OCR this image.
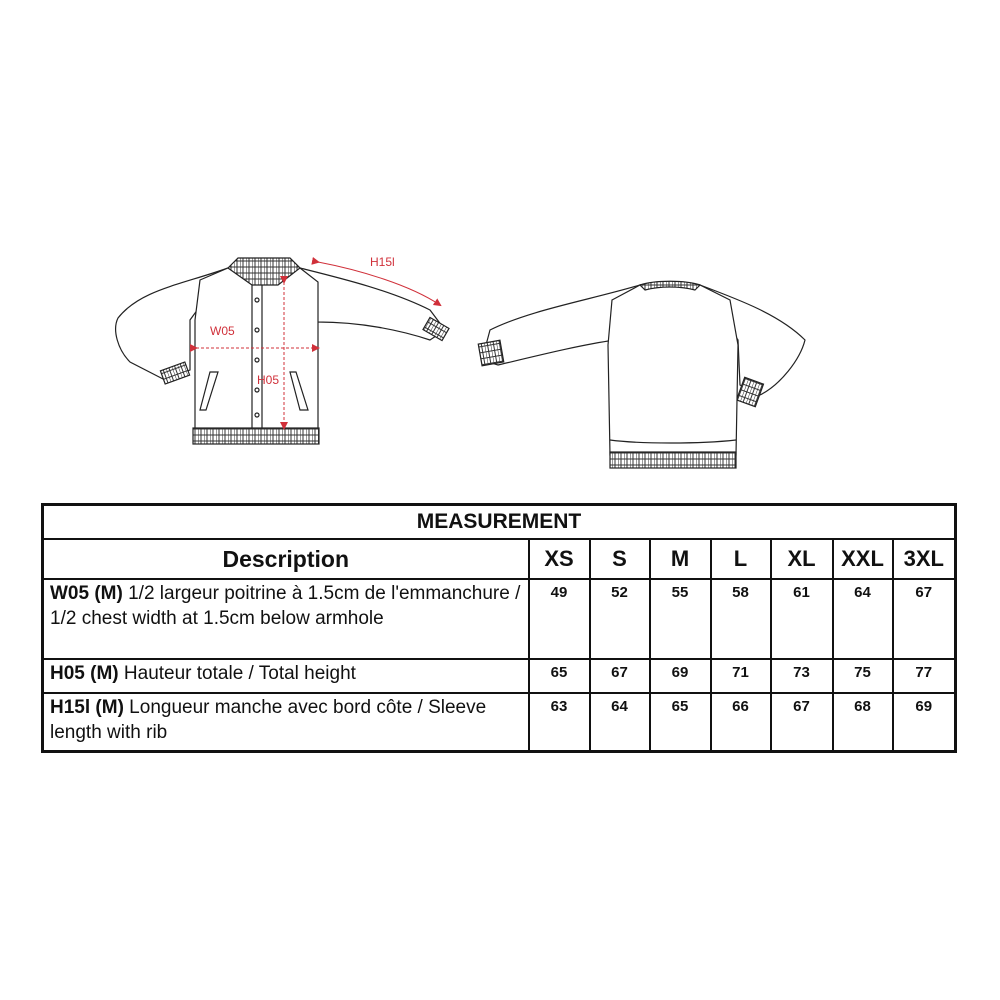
W05
H05
H15l
MEASUREMENT							
Description	XS	S	M	L	XL	XXL	3XL
W05 (M) 1/2 largeur poitrine à 1.5cm de l'emmanchure / 1/2 chest width at 1.5cm below armhole	49	52	55	58	61	64	67
H05 (M) Hauteur totale / Total height	65	67	69	71	73	75	77
H15l (M) Longueur manche avec bord côte / Sleeve length with rib	63	64	65	66	67	68	69
